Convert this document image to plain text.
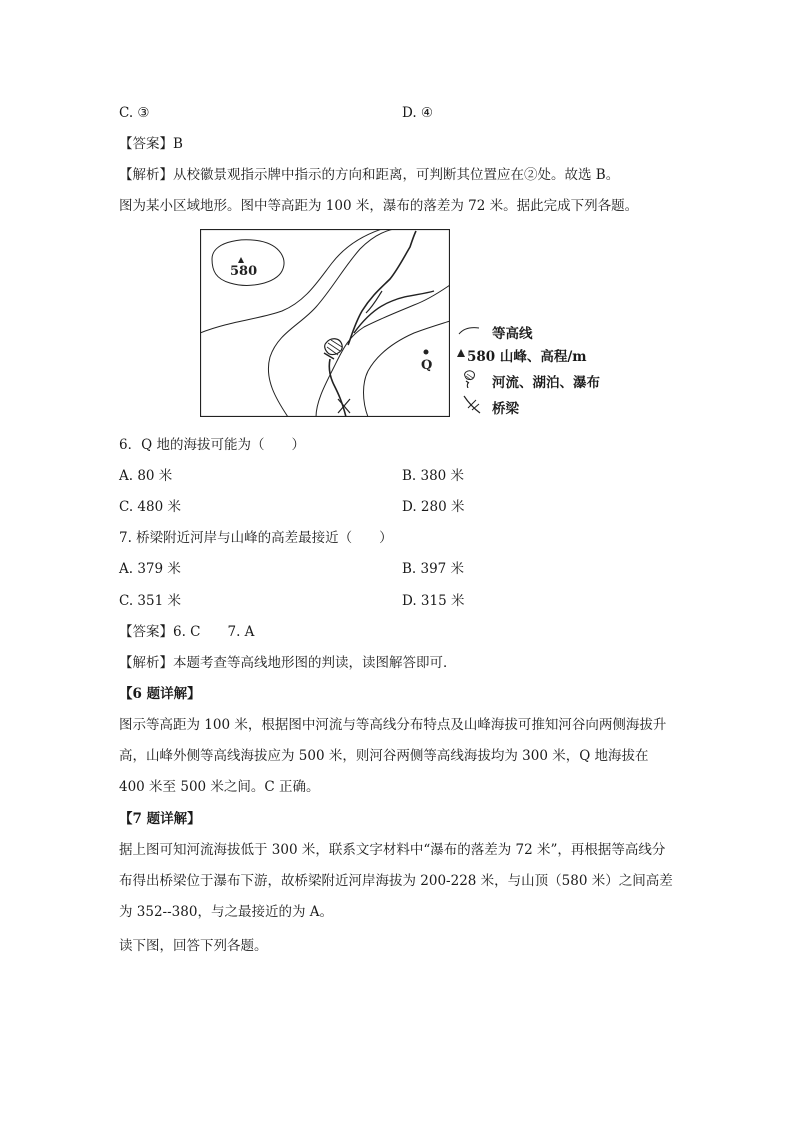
C. ③	D. ④
【答案】B
【解析】从校徽景观指示牌中指示的方向和距离，可判断其位置应在②处。故选 B。
图为某小区域地形。图中等高距为 100 米，瀑布的落差为 72 米。据此完成下列各题。
580
Q
等高线
580 山峰、高程/m
河流、湖泊、瀑布
桥梁
6．Q 地的海拔可能为（　　）
A. 80 米	B. 380 米
C. 480 米	D. 280 米
7. 桥梁附近河岸与山峰的高差最接近（　　）
A. 379 米	B. 397 米
C. 351 米	D. 315 米
【答案】6. C　　7. A
【解析】本题考查等高线地形图的判读，读图解答即可．
【6 题详解】
图示等高距为 100 米，根据图中河流与等高线分布特点及山峰海拔可推知河谷向两侧海拔升高，山峰外侧等高线海拔应为 500 米，则河谷两侧等高线海拔均为 300 米，Q 地海拔在 400 米至 500 米之间。C 正确。
【7 题详解】
据上图可知河流海拔低于 300 米，联系文字材料中“瀑布的落差为 72 米”，再根据等高线分布得出桥梁位于瀑布下游，故桥梁附近河岸海拔为 200-228 米，与山顶（580 米）之间高差为 352--380，与之最接近的为 A。
读下图，回答下列各题。
